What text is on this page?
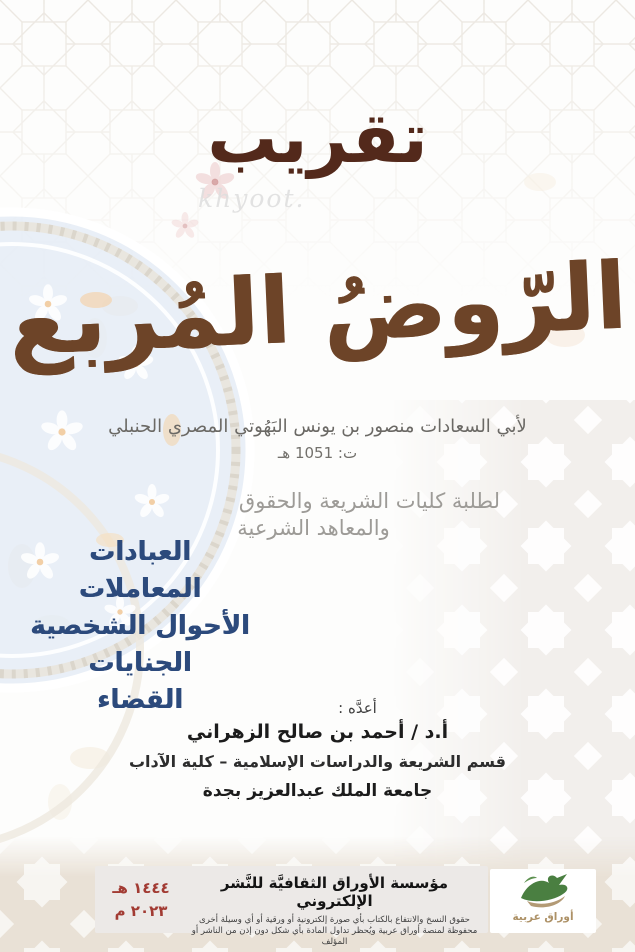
khyoot.
تقريب
الرّوضُ المُربع
لأبي السعادات منصور بن يونس البَهُوتي المصري الحنبلي
ت: 1051 هـ
لطلبة كليات الشريعة والحقوق
والمعاهد الشرعية
العبادات
المعاملات
الأحوال الشخصية
الجنايات
القضاء	أعدَّه :
أ.د / أحمد بن صالح الزهراني
قسم الشريعة والدراسات الإسلامية – كلية الآداب
جامعة الملك عبدالعزيز بجدة
١٤٤٤ هـ
٢٠٢٣ م
مؤسسة الأوراق الثقافيَّة للنَّشر الإلكتروني
حقوق النسخ والانتفاع بالكتاب بأي صورة إلكترونية أو ورقية أو أي وسيلة أخرى
محفوظة لمنصة أوراق عربية ويُحظر تداول المادة بأي شكل دون إذن من الناشر أو المؤلف
أوراق عربية
